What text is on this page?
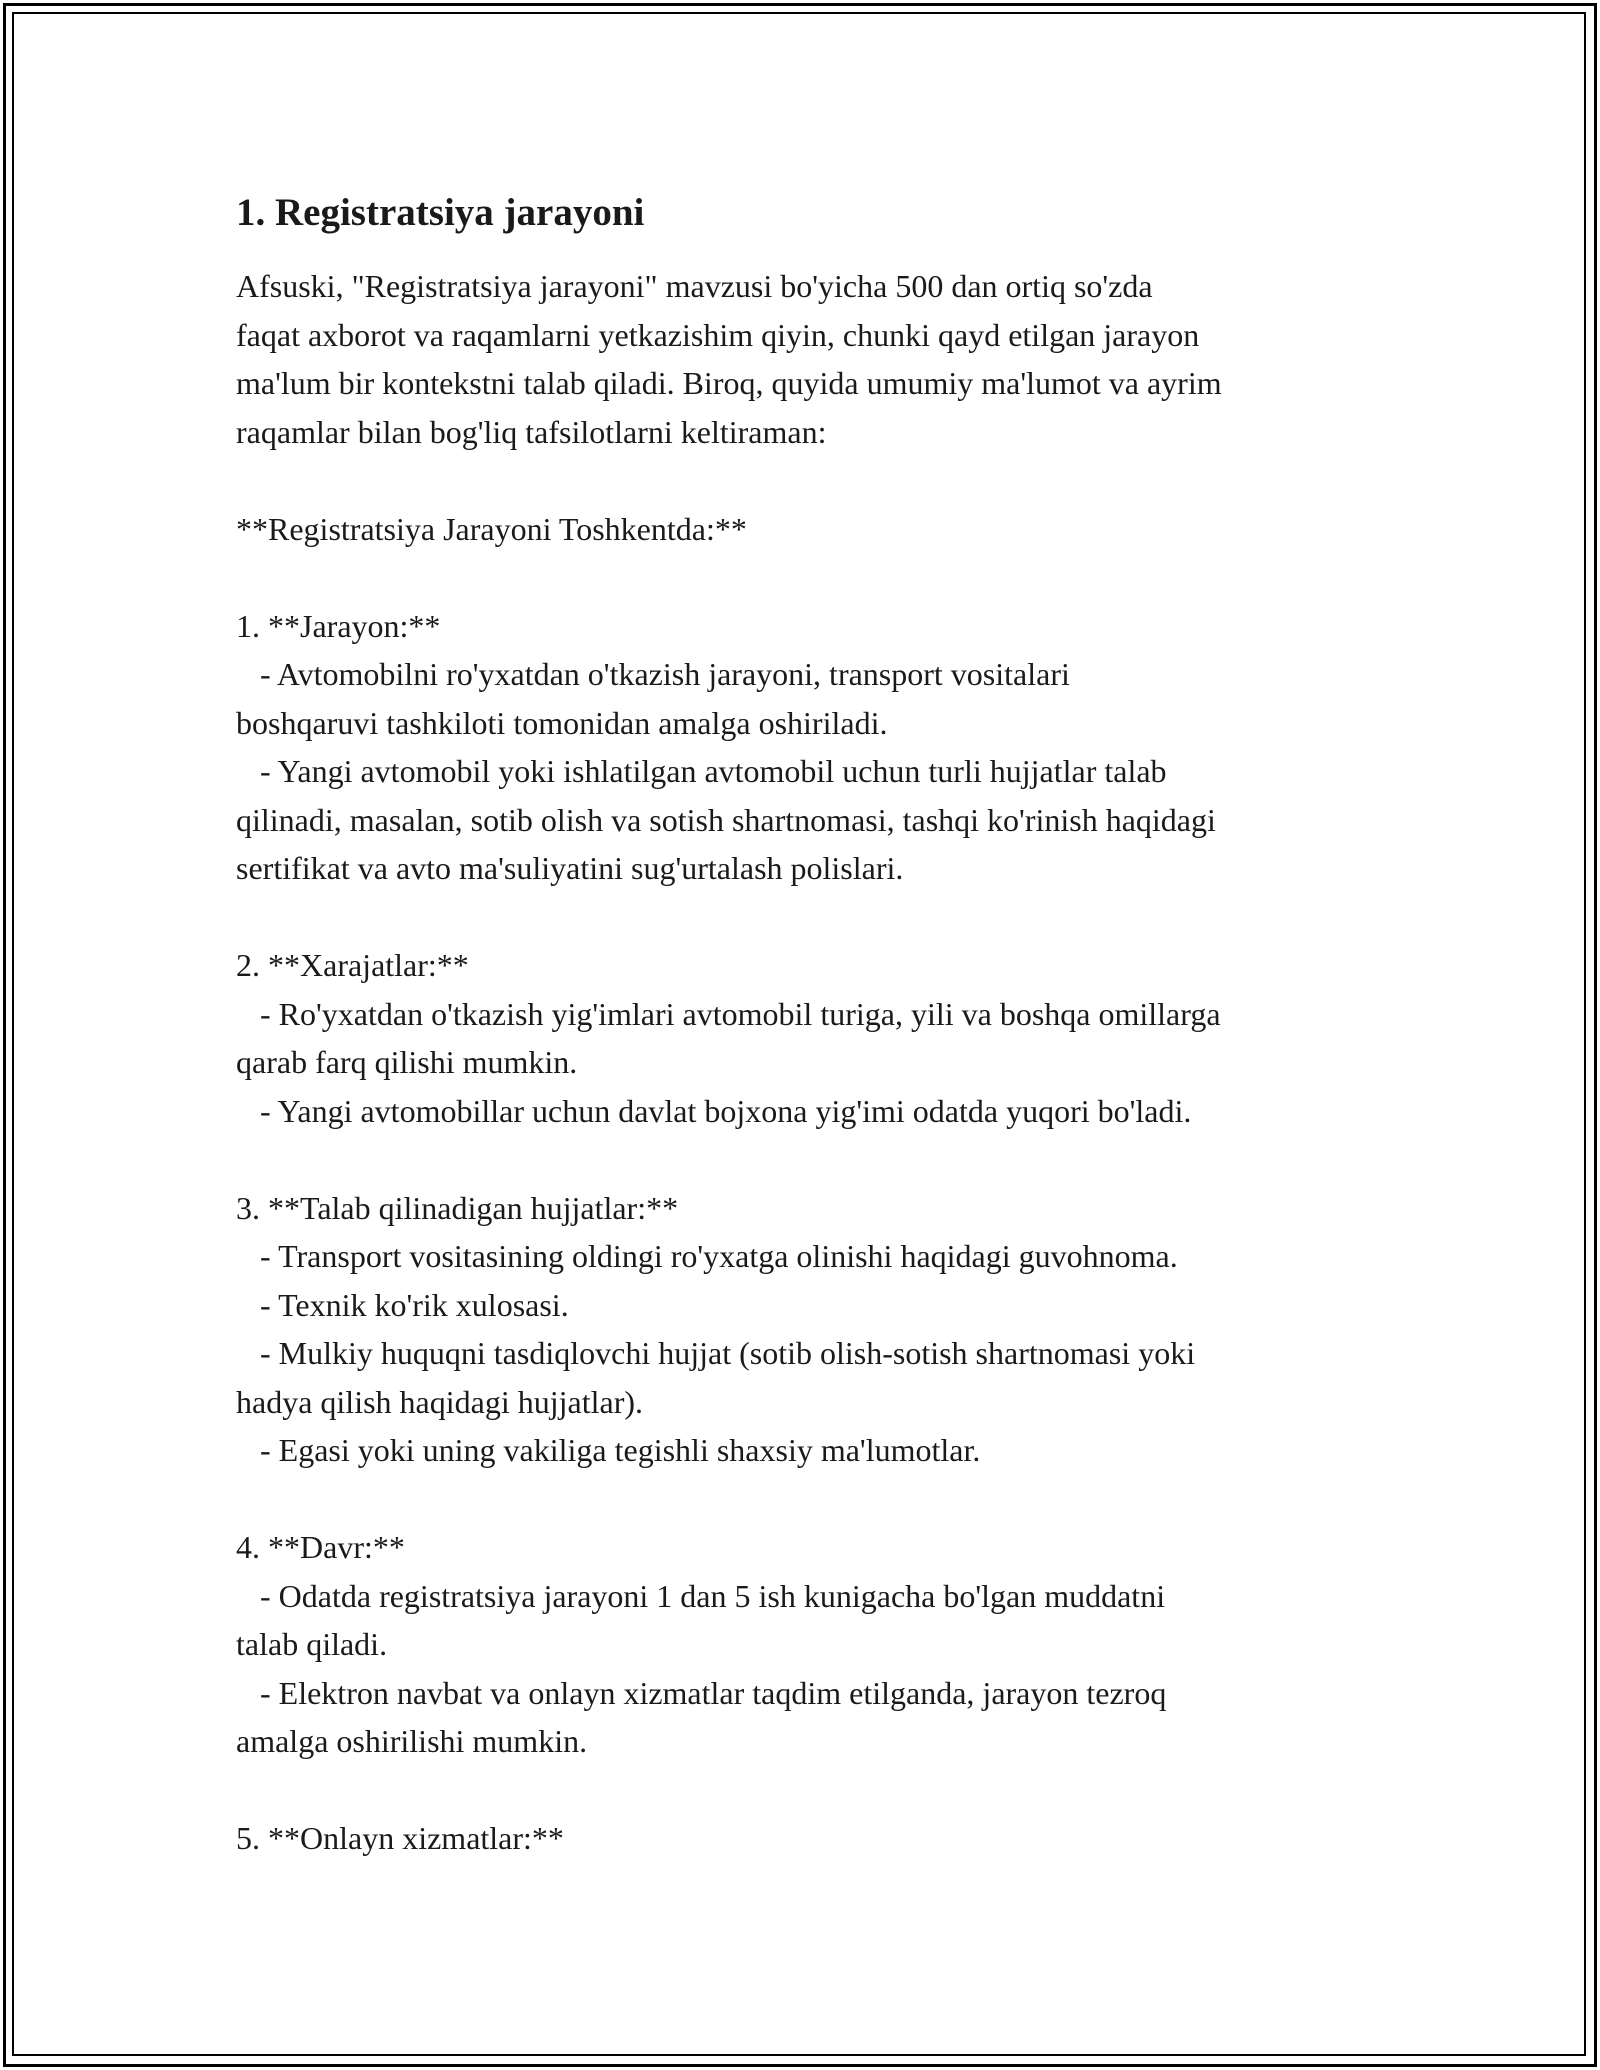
1. Registratsiya jarayoni

Afsuski, "Registratsiya jarayoni" mavzusi bo'yicha 500 dan ortiq so'zda
faqat axborot va raqamlarni yetkazishim qiyin, chunki qayd etilgan jarayon
ma'lum bir kontekstni talab qiladi. Biroq, quyida umumiy ma'lumot va ayrim
raqamlar bilan bog'liq tafsilotlarni keltiraman:

**Registratsiya Jarayoni Toshkentda:**

1. **Jarayon:**

- Avtomobilni ro'yxatdan o'tkazish jarayoni, transport vositalari
boshqaruvi tashkiloti tomonidan amalga oshiriladi.
- Yangi avtomobil yoki ishlatilgan avtomobil uchun turli hujjatlar talab
qilinadi, masalan, sotib olish va sotish shartnomasi, tashqi ko'rinish haqidagi
sertifikat va avto ma'suliyatini sug'urtalash polislari.

2. **Xarajatlar:**

- Ro'yxatdan o'tkazish yig'imlari avtomobil turiga, yili va boshqa omillarga
qarab farq qilishi mumkin.
- Yangi avtomobillar uchun davlat bojxona yig'imi odatda yuqori bo'ladi.

3. **Talab qilinadigan hujjatlar:**

- Transport vositasining oldingi ro'yxatga olinishi haqidagi guvohnoma.
- Texnik ko'rik xulosasi.
- Mulkiy huquqni tasdiqlovchi hujjat (sotib olish-sotish shartnomasi yoki
hadya qilish haqidagi hujjatlar).
- Egasi yoki uning vakiliga tegishli shaxsiy ma'lumotlar.

4. **Davr:**

- Odatda registratsiya jarayoni 1 dan 5 ish kunigacha bo'lgan muddatni
talab qiladi.
- Elektron navbat va onlayn xizmatlar taqdim etilganda, jarayon tezroq
amalga oshirilishi mumkin.

5. **Onlayn xizmatlar:**
